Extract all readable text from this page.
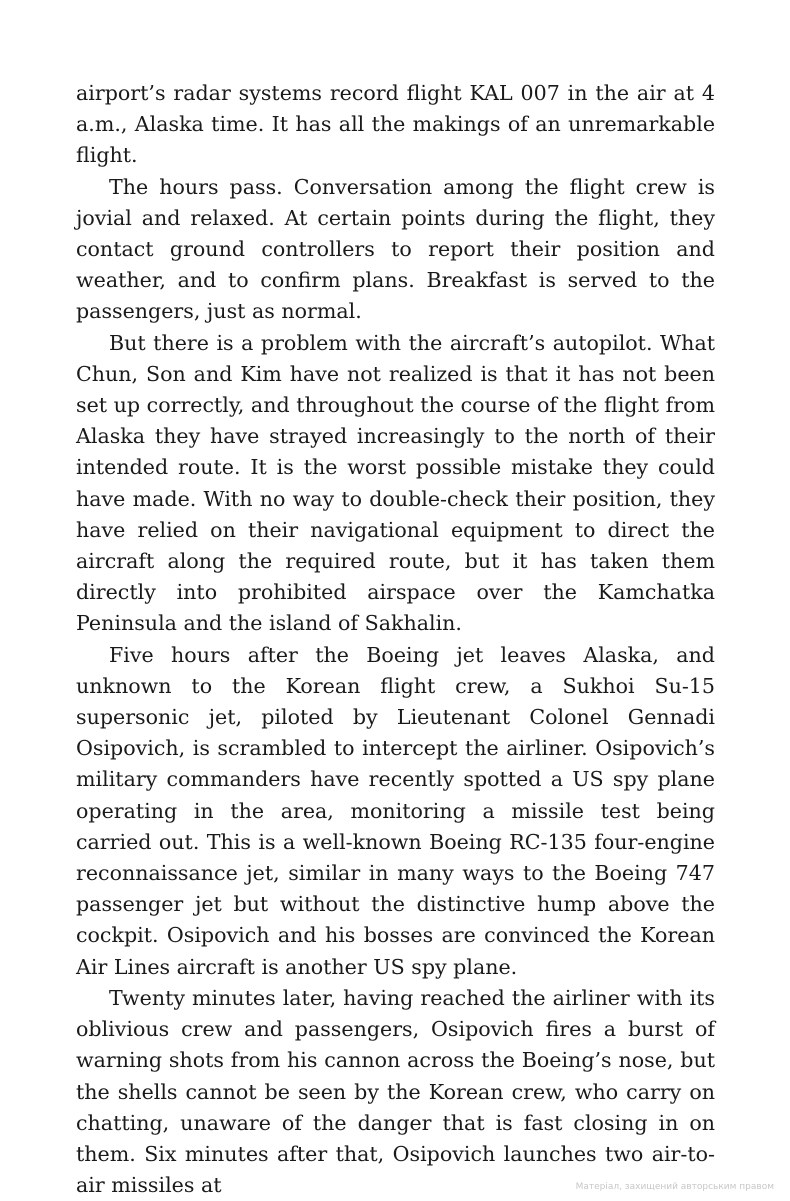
airport’s radar systems record flight KAL 007 in the air at 4 a.m., Alaska time. It has all the makings of an unremarkable flight.

The hours pass. Conversation among the flight crew is jovial and relaxed. At certain points during the flight, they contact ground controllers to report their position and weather, and to confirm plans. Breakfast is served to the passengers, just as normal.

But there is a problem with the aircraft’s autopilot. What Chun, Son and Kim have not realized is that it has not been set up correctly, and throughout the course of the flight from Alaska they have strayed increasingly to the north of their intended route. It is the worst possible mistake they could have made. With no way to double-check their position, they have relied on their navigational equipment to direct the aircraft along the required route, but it has taken them directly into prohibited airspace over the Kamchatka Peninsula and the island of Sakhalin.

Five hours after the Boeing jet leaves Alaska, and unknown to the Korean flight crew, a Sukhoi Su-15 supersonic jet, piloted by Lieutenant Colonel Gennadi Osipovich, is scrambled to intercept the airliner. Osipovich’s military commanders have recently spotted a US spy plane operating in the area, monitoring a missile test being carried out. This is a well-known Boeing RC-135 four-engine reconnaissance jet, similar in many ways to the Boeing 747 passenger jet but without the distinctive hump above the cockpit. Osipovich and his bosses are convinced the Korean Air Lines aircraft is another US spy plane.

Twenty minutes later, having reached the airliner with its oblivious crew and passengers, Osipovich fires a burst of warning shots from his cannon across the Boeing’s nose, but the shells cannot be seen by the Korean crew, who carry on chatting, unaware of the danger that is fast closing in on them. Six minutes after that, Osipovich launches two air-to-air missiles at	Матеріал, захищений авторським правом
